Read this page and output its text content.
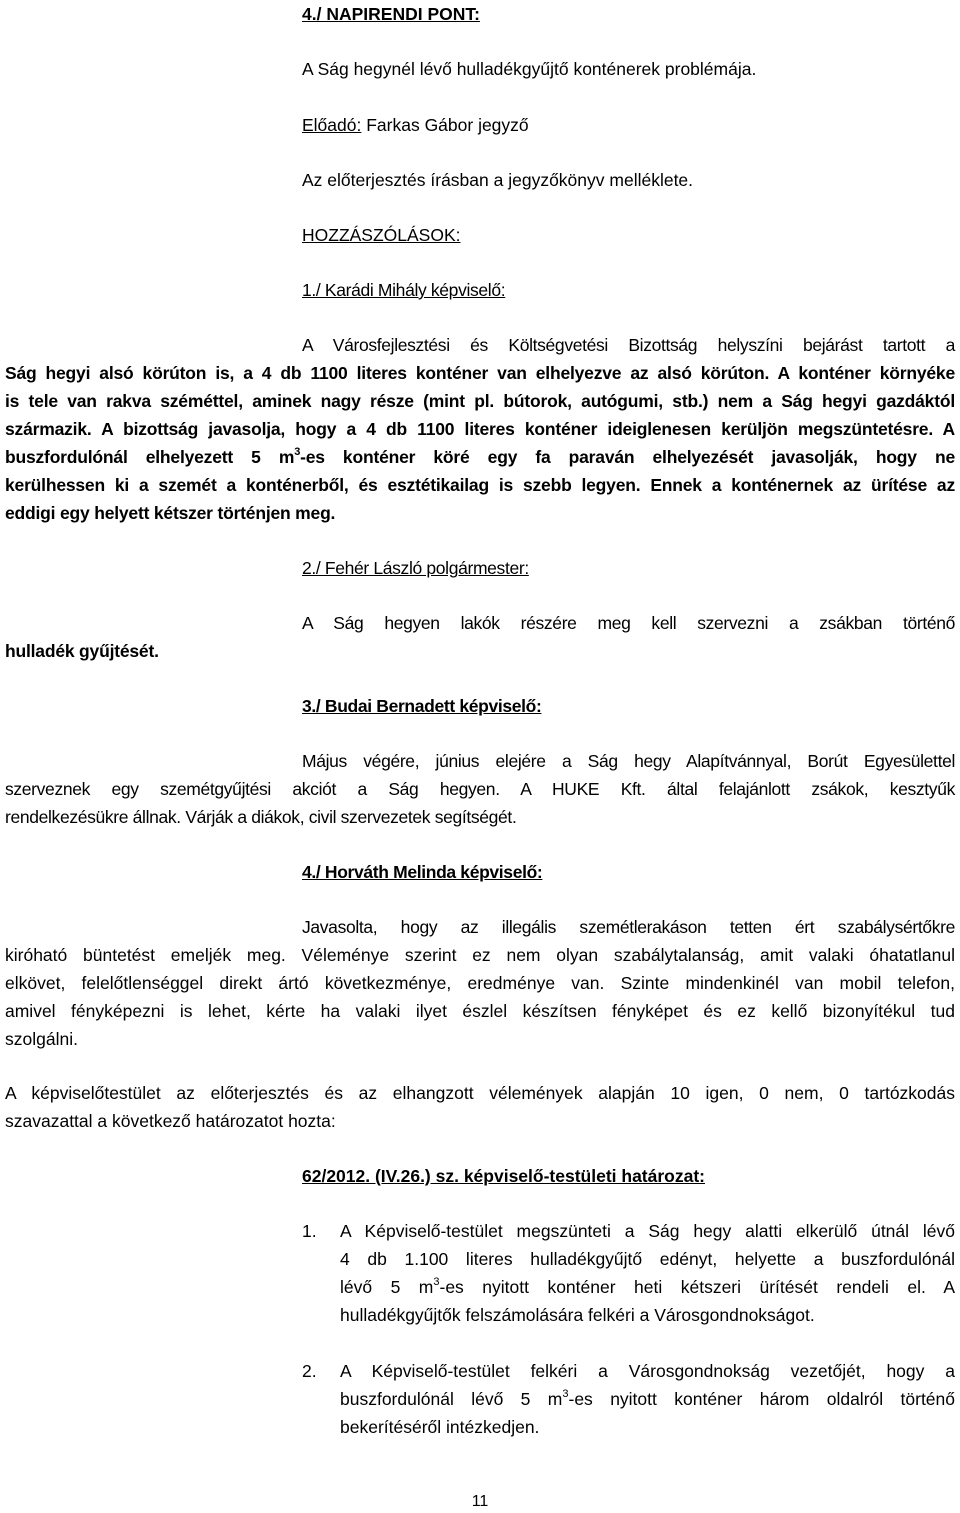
4./ NAPIRENDI PONT:
A Ság hegynél lévő hulladékgyűjtő konténerek problémája.
Előadó: Farkas Gábor jegyző
Az előterjesztés írásban a jegyzőkönyv melléklete.
HOZZÁSZÓLÁSOK:
1./ Karádi Mihály képviselő:
A Városfejlesztési és Költségvetési Bizottság helyszíni bejárást tartott a
Ság hegyi alsó körúton is, a 4 db 1100 literes konténer van elhelyezve az alsó körúton. A konténer környéke
is tele van rakva széméttel, aminek nagy része (mint pl. bútorok, autógumi, stb.) nem a Ság hegyi gazdáktól
származik. A bizottság javasolja, hogy a 4 db 1100 literes konténer ideiglenesen kerüljön megszüntetésre. A
buszfordulónál elhelyezett 5 $m^3-es$ konténer köré egy fa paraván elhelyezését javasolják, hogy ne
kerülhessen ki a szemét a konténerből, és esztétikailag is szebb legyen. Ennek a konténernek az ürítése az
eddigi egy helyett kétszer történjen meg.
2./ Fehér László polgármester:
A Ság hegyen lakók részére meg kell szervezni a zsákban történő
hulladék gyűjtését.
3./ Budai Bernadett képviselő:
Május végére, június elejére a Ság hegy Alapítvánnyal, Borút Egyesülettel
szerveznek egy szemétgyűjtési akciót a Ság hegyen. A HUKE Kft. által felajánlott zsákok, kesztyűk
rendelkezésükre állnak. Várják a diákok, civil szervezetek segítségét.
4./ Horváth Melinda képviselő:
Javasolta, hogy az illegális szemétlerakáson tetten ért szabálysértőkre
kiróható büntetést emeljék meg. Véleménye szerint ez nem olyan szabálytalanság, amit valaki óhatatlanul
elkövet, felelőtlenséggel direkt ártó következménye, eredménye van. Szinte mindenkinél van mobil telefon,
amivel fényképezni is lehet, kérte ha valaki ilyet észlel készítsen fényképet és ez kellő bizonyítékul tud
szolgálni.
A képviselőtestület az előterjesztés és az elhangzott vélemények alapján 10 igen, 0 nem, 0 tartózkodás
szavazattal a következő határozatot hozta:
62/2012. (IV.26.) sz. képviselő-testületi határozat:
1. A Képviselő-testület megszünteti a Ság hegy alatti elkerülő útnál lévő
4 db 1.100 literes hulladékgyűjtő edényt, helyette a buszfordulónál
lévő 5 $m^3-es$ nyitott konténer heti kétszeri ürítését rendeli el. A
hulladékgyűjtők felszámolására felkéri a Városgondnokságot.
2. A Képviselő-testület felkéri a Városgondnokság vezetőjét, hogy a
buszfordulónál lévő 5 $m^3-es$ nyitott konténer három oldalról történő
bekerítéséről intézkedjen.
11
